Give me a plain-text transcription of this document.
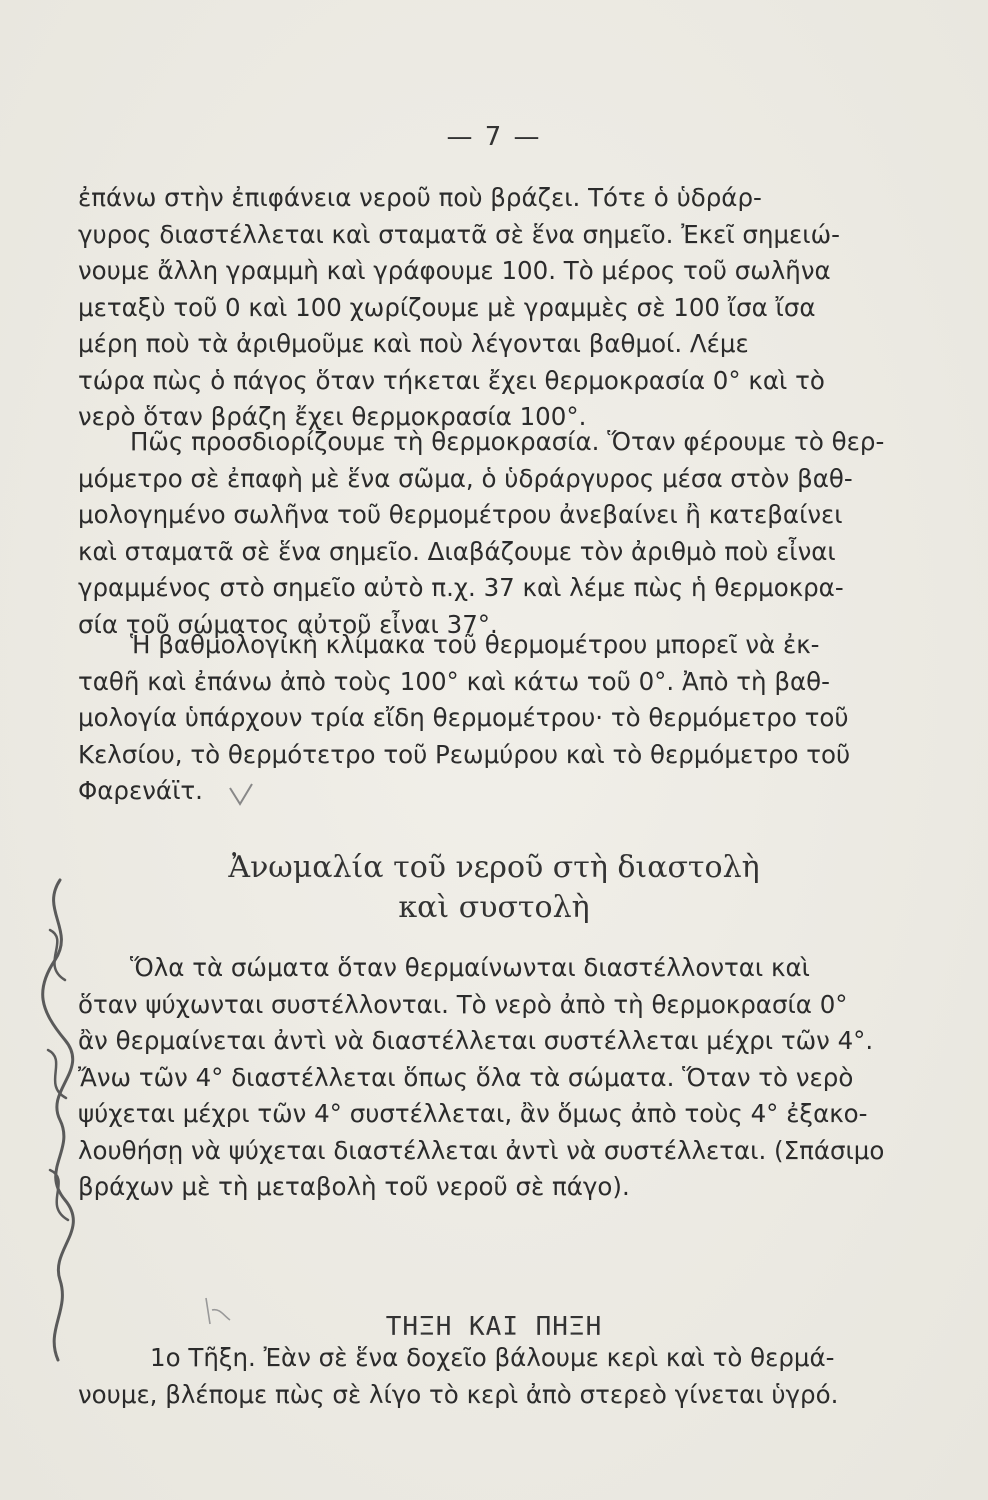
— 7 —
ἐπάνω στὴν ἐπιφάνεια νεροῦ ποὺ βράζει. Τότε ὁ ὑδράρ-
γυρος διαστέλλεται καὶ σταματᾶ σὲ ἕνα σημεῖο. Ἐκεῖ σημειώ-
νουμε ἄλλη γραμμὴ καὶ γράφουμε 100. Τὸ μέρος τοῦ σωλῆνα
μεταξὺ τοῦ 0 καὶ 100 χωρίζουμε μὲ γραμμὲς σὲ 100 ἴσα ἴσα
μέρη ποὺ τὰ ἀριθμοῦμε καὶ ποὺ λέγονται βαθμοί. Λέμε
τώρα πὼς ὁ πάγος ὅταν τήκεται ἔχει θερμοκρασία 0° καὶ τὸ
νερὸ ὅταν βράζη ἔχει θερμοκρασία 100°.
Πῶς προσδιορίζουμε τὴ θερμοκρασία. Ὅταν φέρουμε τὸ θερ-
μόμετρο σὲ ἐπαφὴ μὲ ἕνα σῶμα, ὁ ὑδράργυρος μέσα στὸν βαθ-
μολογημένο σωλῆνα τοῦ θερμομέτρου ἀνεβαίνει ἢ κατεβαίνει
καὶ σταματᾶ σὲ ἕνα σημεῖο. Διαβάζουμε τὸν ἀριθμὸ ποὺ εἶναι
γραμμένος στὸ σημεῖο αὐτὸ π.χ. 37 καὶ λέμε πὼς ἡ θερμοκρα-
σία τοῦ σώματος αὐτοῦ εἶναι 37°.
Ἡ βαθμολογικὴ κλίμακα τοῦ θερμομέτρου μπορεῖ νὰ ἐκ-
ταθῆ καὶ ἐπάνω ἀπὸ τοὺς 100° καὶ κάτω τοῦ 0°. Ἀπὸ τὴ βαθ-
μολογία ὑπάρχουν τρία εἴδη θερμομέτρου· τὸ θερμόμετρο τοῦ
Κελσίου, τὸ θερμότετρο τοῦ Ρεωμύρου καὶ τὸ θερμόμετρο τοῦ
Φαρενάϊτ.
Ἀνωμαλία τοῦ νεροῦ στὴ διαστολὴ
καὶ συστολὴ
Ὅλα τὰ σώματα ὅταν θερμαίνωνται διαστέλλονται καὶ
ὅταν ψύχωνται συστέλλονται. Τὸ νερὸ ἀπὸ τὴ θερμοκρασία 0°
ἂν θερμαίνεται ἀντὶ νὰ διαστέλλεται συστέλλεται μέχρι τῶν 4°.
Ἄνω τῶν 4° διαστέλλεται ὅπως ὅλα τὰ σώματα. Ὅταν τὸ νερὸ
ψύχεται μέχρι τῶν 4° συστέλλεται, ἂν ὅμως ἀπὸ τοὺς 4° ἐξακο-
λουθήσῃ νὰ ψύχεται διαστέλλεται ἀντὶ νὰ συστέλλεται. (Σπάσιμο
βράχων μὲ τὴ μεταβολὴ τοῦ νεροῦ σὲ πάγο).
ΤΗΞΗ ΚΑΙ ΠΗΞΗ
1ο Τῆξη. Ἐὰν σὲ ἕνα δοχεῖο βάλουμε κερὶ καὶ τὸ θερμά-
νουμε, βλέπομε πὼς σὲ λίγο τὸ κερὶ ἀπὸ στερεὸ γίνεται ὑγρό.
